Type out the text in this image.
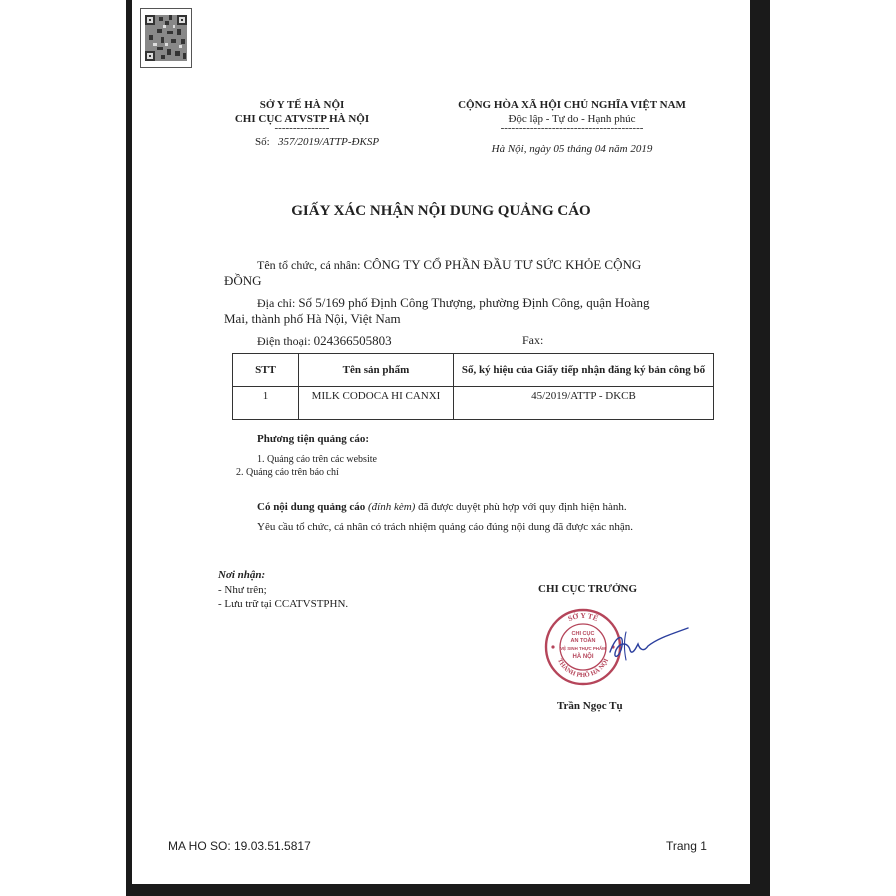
SỞ Y TẾ HÀ NỘI
CHI CỤC ATVSTP HÀ NỘI
---------------
Số: 357/2019/ATTP-ĐKSP
CỘNG HÒA XÃ HỘI CHỦ NGHĨA VIỆT NAM
Độc lập - Tự do - Hạnh phúc
---------------------------------------
Hà Nội, ngày 05 tháng 04 năm 2019
GIẤY XÁC NHẬN NỘI DUNG QUẢNG CÁO
Tên tổ chức, cá nhân: CÔNG TY CỔ PHẦN ĐẦU TƯ SỨC KHỎE CỘNG
ĐỒNG
Địa chỉ: Số 5/169 phố Định Công Thượng, phường Định Công, quận Hoàng
Mai, thành phố Hà Nội, Việt Nam
Điện thoại: 024366505803	Fax:
STT	Tên sản phẩm	Số, ký hiệu của Giấy tiếp nhận đăng ký bản công bố
1	MILK CODOCA HI CANXI	45/2019/ATTP - DKCB
Phương tiện quảng cáo:
1. Quảng cáo trên các website
2. Quảng cáo trên báo chí
Có nội dung quảng cáo (đính kèm) đã được duyệt phù hợp với quy định hiện hành.
Yêu cầu tổ chức, cá nhân có trách nhiệm quảng cáo đúng nội dung đã được xác nhận.
Nơi nhận:
- Như trên;
- Lưu trữ tại CCATVSTPHN.
CHI CỤC TRƯỞNG
SỞ Y TẾ
THÀNH PHỐ HÀ NỘI
CHI CỤC
AN TOÀN
VỆ SINH THỰC PHẨM
HÀ NỘI
Trần Ngọc Tụ
MA HO SO: 19.03.51.5817	Trang 1
